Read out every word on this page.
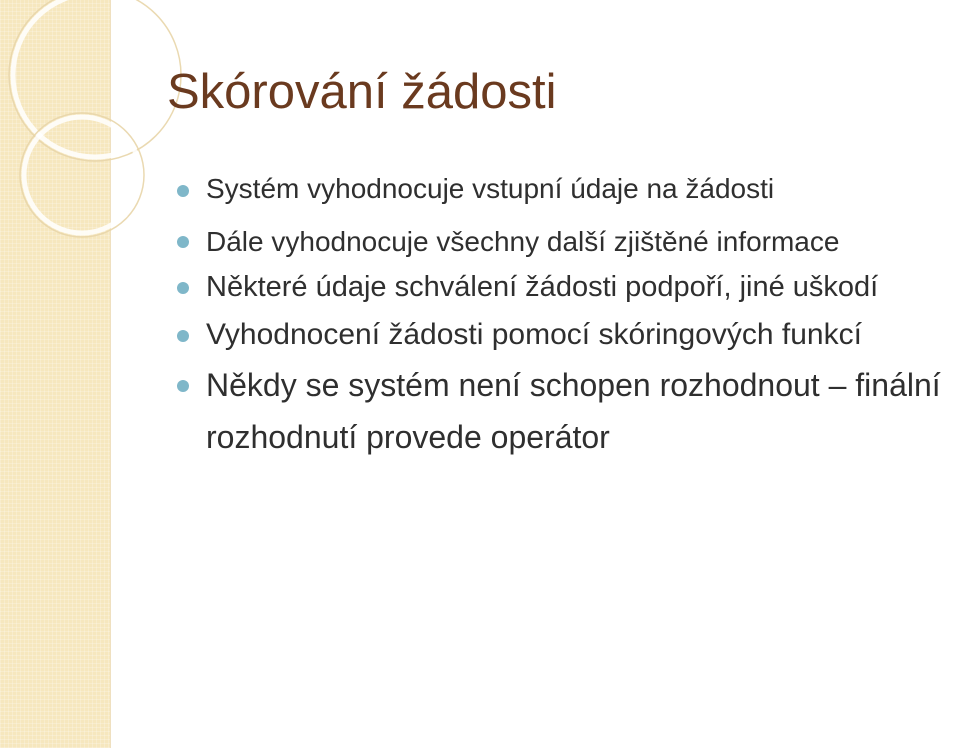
Skórování žádosti
Systém vyhodnocuje vstupní údaje na žádosti
Dále vyhodnocuje všechny další zjištěné informace
Některé údaje schválení žádosti podpoří, jiné uškodí
Vyhodnocení žádosti pomocí skóringových funkcí
Někdy se systém není schopen rozhodnout – finální rozhodnutí provede operátor
